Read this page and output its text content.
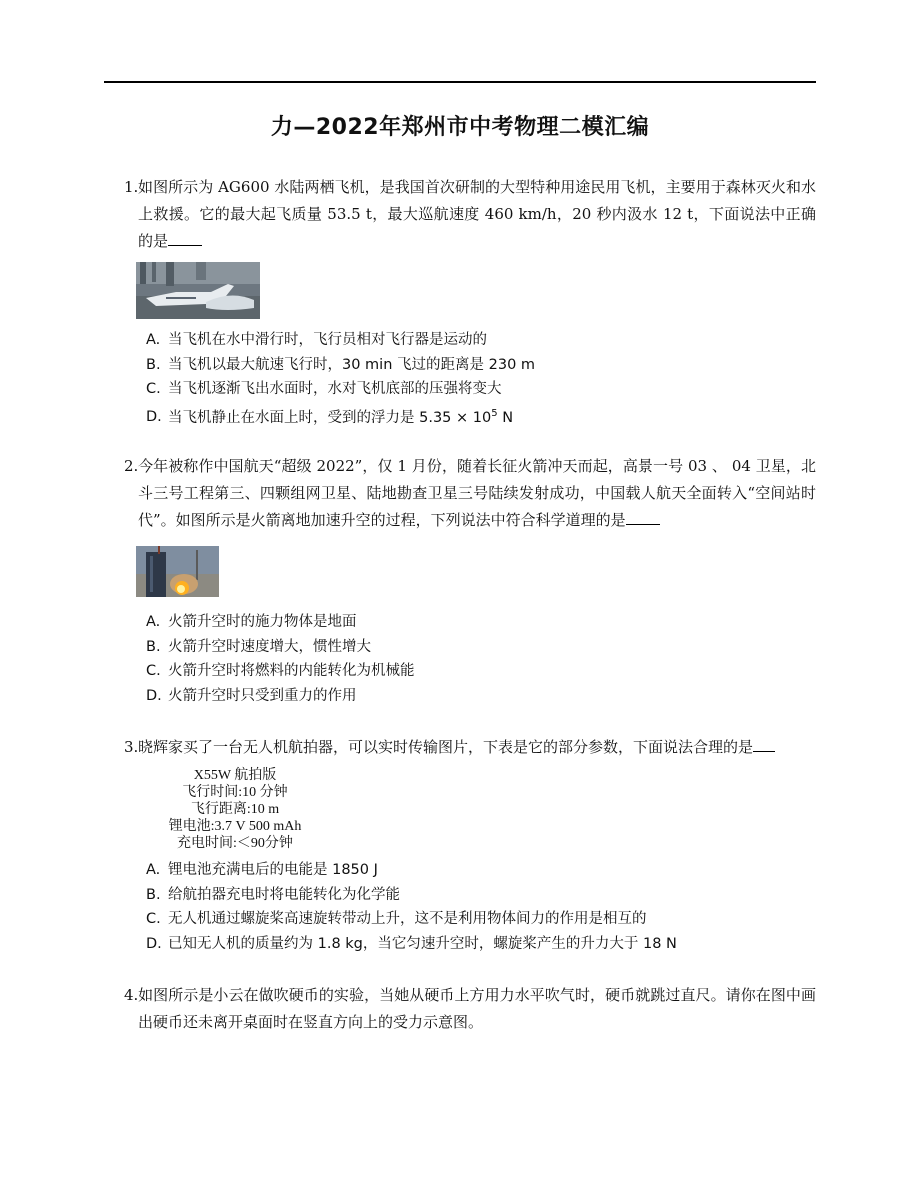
力—2022年郑州市中考物理二模汇编
1.如图所示为 AG600 水陆两栖飞机，是我国首次研制的大型特种用途民用飞机，主要用于森林灭火和水上救援。它的最大起飞质量 53.5 t，最大巡航速度 460 km/h，20 秒内汲水 12 t，下面说法中正确的是
A. 当飞机在水中滑行时，飞行员相对飞行器是运动的
B. 当飞机以最大航速飞行时，30 min 飞过的距离是 230 m
C. 当飞机逐渐飞出水面时，水对飞机底部的压强将变大
D. 当飞机静止在水面上时，受到的浮力是 $5.35 \times 10^5$ N
2.今年被称作中国航天“超级 2022”，仅 1 月份，随着长征火箭冲天而起，高景一号 03 、 04 卫星，北斗三号工程第三、四颗组网卫星、陆地勘查卫星三号陆续发射成功，中国载人航天全面转入“空间站时代”。如图所示是火箭离地加速升空的过程，下列说法中符合科学道理的是
A. 火箭升空时的施力物体是地面
B. 火箭升空时速度增大，惯性增大
C. 火箭升空时将燃料的内能转化为机械能
D. 火箭升空时只受到重力的作用
3.晓辉家买了一台无人机航拍器，可以实时传输图片，下表是它的部分参数，下面说法合理的是
X55W 航拍版
飞行时间:10 分钟
飞行距离:10 m
锂电池:3.7 V 500 mAh
充电时间:＜90分钟
A. 锂电池充满电后的电能是 1850 J
B. 给航拍器充电时将电能转化为化学能
C. 无人机通过螺旋桨高速旋转带动上升，这不是利用物体间力的作用是相互的
D. 已知无人机的质量约为 1.8 kg，当它匀速升空时，螺旋桨产生的升力大于 18 N
4.如图所示是小云在做吹硬币的实验，当她从硬币上方用力水平吹气时，硬币就跳过直尺。请你在图中画出硬币还未离开桌面时在竖直方向上的受力示意图。
